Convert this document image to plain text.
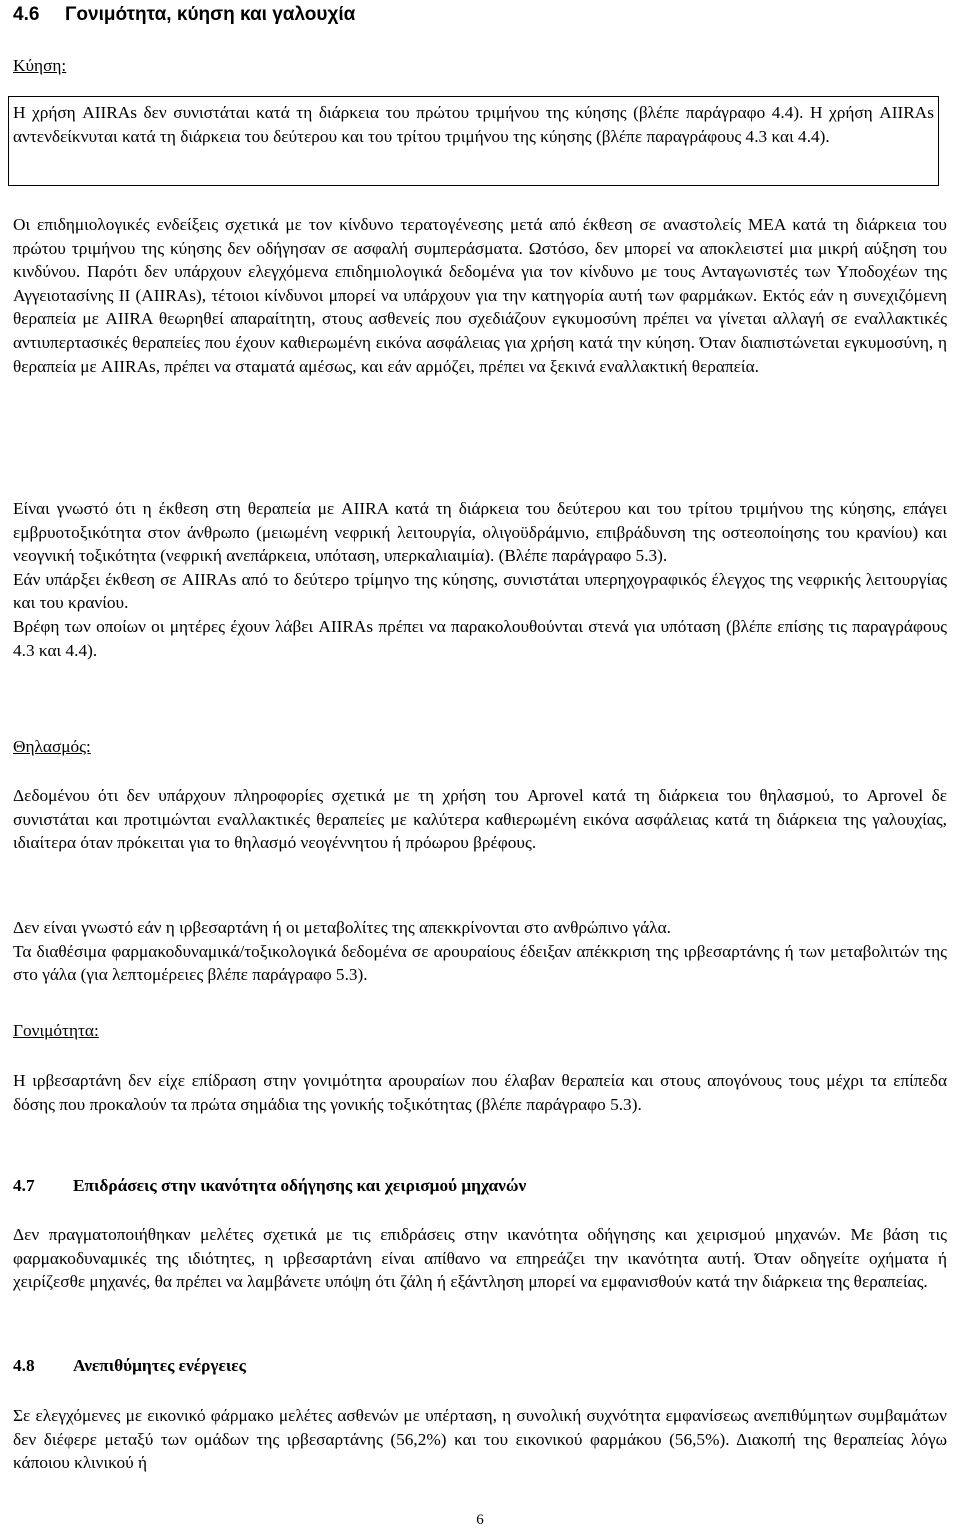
4.6 Γονιμότητα, κύηση και γαλουχία
Κύηση:

Η χρήση AIIRAs δεν συνιστάται κατά τη διάρκεια του πρώτου τριμήνου της κύησης (βλέπε παράγραφο 4.4). Η χρήση AIIRAs αντενδείκνυται κατά τη διάρκεια του δεύτερου και του τρίτου τριμήνου της κύησης (βλέπε παραγράφους 4.3 και 4.4).

Οι επιδημιολογικές ενδείξεις σχετικά με τον κίνδυνο τερατογένεσης μετά από έκθεση σε αναστολείς ΜΕΑ κατά τη διάρκεια του πρώτου τριμήνου της κύησης δεν οδήγησαν σε ασφαλή συμπεράσματα. Ωστόσο, δεν μπορεί να αποκλειστεί μια μικρή αύξηση του κινδύνου. Παρότι δεν υπάρχουν ελεγχόμενα επιδημιολογικά δεδομένα για τον κίνδυνο με τους Ανταγωνιστές των Υποδοχέων της Αγγειοτασίνης II (AIIRAs), τέτοιοι κίνδυνοι μπορεί να υπάρχουν για την κατηγορία αυτή των φαρμάκων. Εκτός εάν η συνεχιζόμενη θεραπεία με AIIRA θεωρηθεί απαραίτητη, στους ασθενείς που σχεδιάζουν εγκυμοσύνη πρέπει να γίνεται αλλαγή σε εναλλακτικές αντιυπερτασικές θεραπείες που έχουν καθιερωμένη εικόνα ασφάλειας για χρήση κατά την κύηση. Όταν διαπιστώνεται εγκυμοσύνη, η θεραπεία με AIIRAs, πρέπει να σταματά αμέσως, και εάν αρμόζει, πρέπει να ξεκινά εναλλακτική θεραπεία.

Είναι γνωστό ότι η έκθεση στη θεραπεία με AIIRA κατά τη διάρκεια του δεύτερου και του τρίτου τριμήνου της κύησης, επάγει εμβρυοτοξικότητα στον άνθρωπο (μειωμένη νεφρική λειτουργία, ολιγοϋδράμνιο, επιβράδυνση της οστεοποίησης του κρανίου) και νεογνική τοξικότητα (νεφρική ανεπάρκεια, υπόταση, υπερκαλιαιμία). (Βλέπε παράγραφο 5.3).

Εάν υπάρξει έκθεση σε AIIRAs από το δεύτερο τρίμηνο της κύησης, συνιστάται υπερηχογραφικός έλεγχος της νεφρικής λειτουργίας και του κρανίου.

Βρέφη των οποίων οι μητέρες έχουν λάβει AIIRAs πρέπει να παρακολουθούνται στενά για υπόταση (βλέπε επίσης τις παραγράφους 4.3 και 4.4).

Θηλασμός:

Δεδομένου ότι δεν υπάρχουν πληροφορίες σχετικά με τη χρήση του Aprovel κατά τη διάρκεια του θηλασμού, το Aprovel δε συνιστάται και προτιμώνται εναλλακτικές θεραπείες με καλύτερα καθιερωμένη εικόνα ασφάλειας κατά τη διάρκεια της γαλουχίας, ιδιαίτερα όταν πρόκειται για το θηλασμό νεογέννητου ή πρόωρου βρέφους.

Δεν είναι γνωστό εάν η ιρβεσαρτάνη ή οι μεταβολίτες της απεκκρίνονται στο ανθρώπινο γάλα.

Τα διαθέσιμα φαρμακοδυναμικά/τοξικολογικά δεδομένα σε αρουραίους έδειξαν απέκκριση της ιρβεσαρτάνης ή των μεταβολιτών της στο γάλα (για λεπτομέρειες βλέπε παράγραφο 5.3).

Γονιμότητα:

Η ιρβεσαρτάνη δεν είχε επίδραση στην γονιμότητα αρουραίων που έλαβαν θεραπεία και στους απογόνους τους μέχρι τα επίπεδα δόσης που προκαλούν τα πρώτα σημάδια της γονικής τοξικότητας (βλέπε παράγραφο 5.3).

4.7 Επιδράσεις στην ικανότητα οδήγησης και χειρισμού μηχανών

Δεν πραγματοποιήθηκαν μελέτες σχετικά με τις επιδράσεις στην ικανότητα οδήγησης και χειρισμού μηχανών. Με βάση τις φαρμακοδυναμικές της ιδιότητες, η ιρβεσαρτάνη είναι απίθανο να επηρεάζει την ικανότητα αυτή. Όταν οδηγείτε οχήματα ή χειρίζεσθε μηχανές, θα πρέπει να λαμβάνετε υπόψη ότι ζάλη ή εξάντληση μπορεί να εμφανισθούν κατά την διάρκεια της θεραπείας.

4.8 Ανεπιθύμητες ενέργειες

Σε ελεγχόμενες με εικονικό φάρμακο μελέτες ασθενών με υπέρταση, η συνολική συχνότητα εμφανίσεως ανεπιθύμητων συμβαμάτων δεν διέφερε μεταξύ των ομάδων της ιρβεσαρτάνης (56,2%) και του εικονικού φαρμάκου (56,5%). Διακοπή της θεραπείας λόγω κάποιου κλινικού ή

6
